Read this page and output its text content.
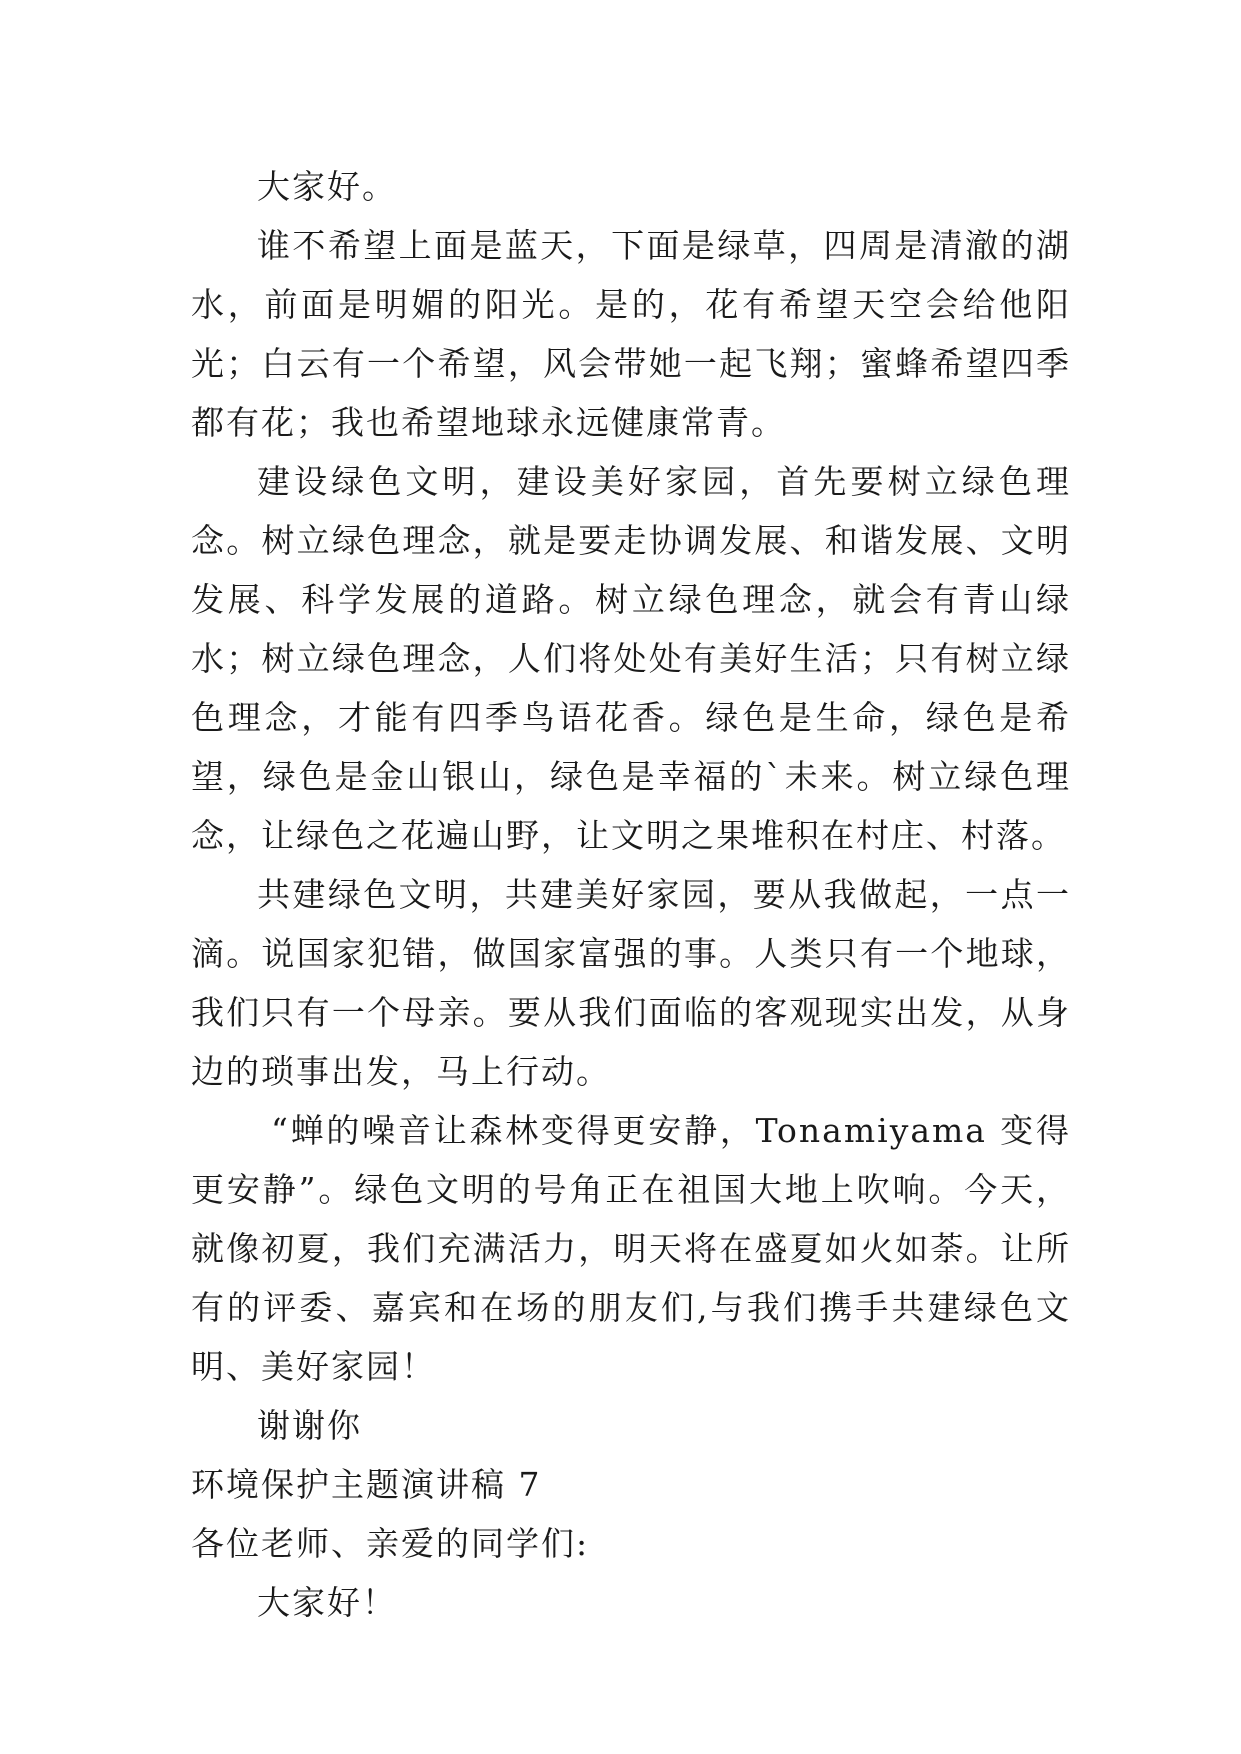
大家好。

谁不希望上面是蓝天，下面是绿草，四周是清澈的湖水，前面是明媚的阳光。是的，花有希望天空会给他阳光；白云有一个希望，风会带她一起飞翔；蜜蜂希望四季都有花；我也希望地球永远健康常青。

建设绿色文明，建设美好家园，首先要树立绿色理念。树立绿色理念，就是要走协调发展、和谐发展、文明发展、科学发展的道路。树立绿色理念，就会有青山绿水；树立绿色理念，人们将处处有美好生活；只有树立绿色理念，才能有四季鸟语花香。绿色是生命，绿色是希望，绿色是金山银山，绿色是幸福的`未来。树立绿色理念，让绿色之花遍山野，让文明之果堆积在村庄、村落。

共建绿色文明，共建美好家园，要从我做起，一点一滴。说国家犯错，做国家富强的事。人类只有一个地球，我们只有一个母亲。要从我们面临的客观现实出发，从身边的琐事出发，马上行动。

“蝉的噪音让森林变得更安静，Tonamiyama 变得更安静”。绿色文明的号角正在祖国大地上吹响。今天，就像初夏，我们充满活力，明天将在盛夏如火如荼。让所有的评委、嘉宾和在场的朋友们,与我们携手共建绿色文明、美好家园！

谢谢你

环境保护主题演讲稿 7

各位老师、亲爱的同学们:

大家好！
